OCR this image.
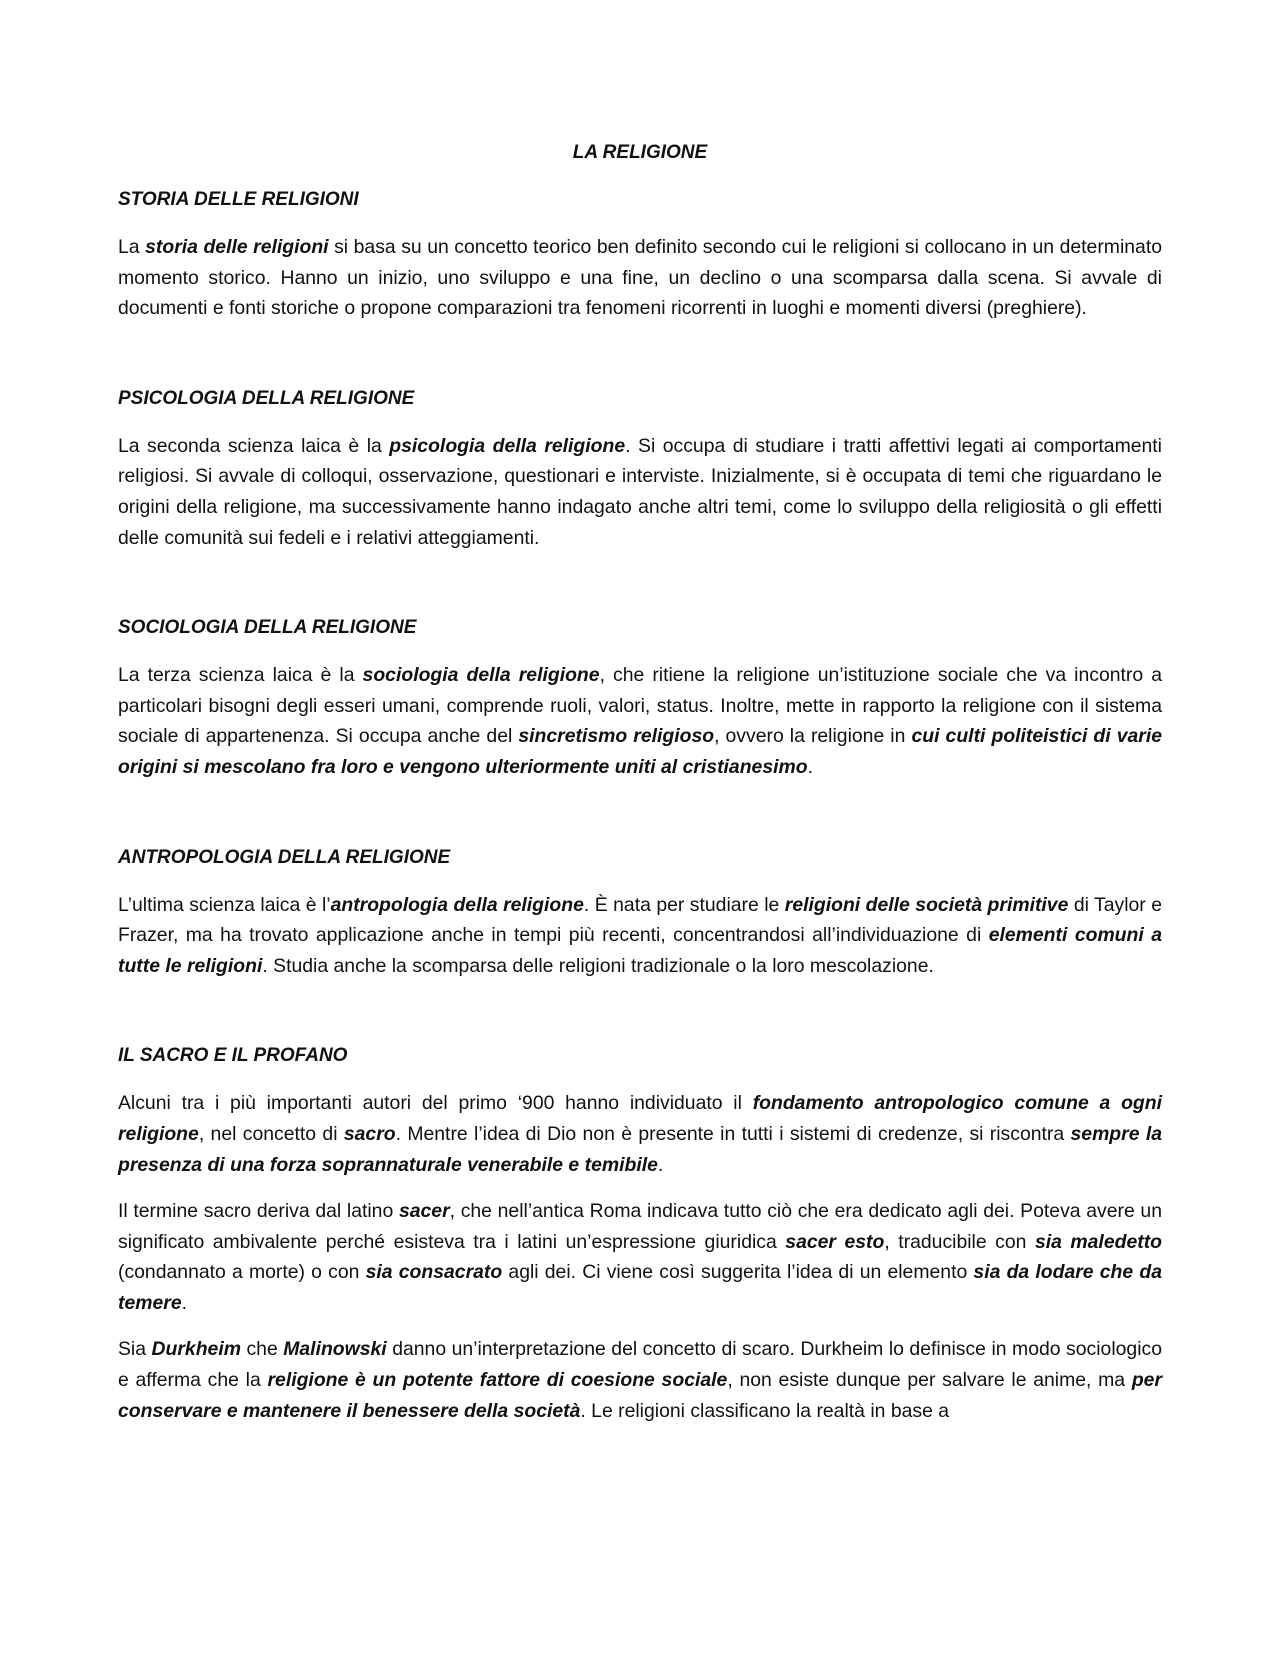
LA RELIGIONE
STORIA DELLE RELIGIONI

La storia delle religioni si basa su un concetto teorico ben definito secondo cui le religioni si collocano in un determinato momento storico. Hanno un inizio, uno sviluppo e una fine, un declino o una scomparsa dalla scena. Si avvale di documenti e fonti storiche o propone comparazioni tra fenomeni ricorrenti in luoghi e momenti diversi (preghiere).

PSICOLOGIA DELLA RELIGIONE

La seconda scienza laica è la psicologia della religione. Si occupa di studiare i tratti affettivi legati ai comportamenti religiosi. Si avvale di colloqui, osservazione, questionari e interviste. Inizialmente, si è occupata di temi che riguardano le origini della religione, ma successivamente hanno indagato anche altri temi, come lo sviluppo della religiosità o gli effetti delle comunità sui fedeli e i relativi atteggiamenti.

SOCIOLOGIA DELLA RELIGIONE

La terza scienza laica è la sociologia della religione, che ritiene la religione un’istituzione sociale che va incontro a particolari bisogni degli esseri umani, comprende ruoli, valori, status. Inoltre, mette in rapporto la religione con il sistema sociale di appartenenza. Si occupa anche del sincretismo religioso, ovvero la religione in cui culti politeistici di varie origini si mescolano fra loro e vengono ulteriormente uniti al cristianesimo.

ANTROPOLOGIA DELLA RELIGIONE

L’ultima scienza laica è l’antropologia della religione. È nata per studiare le religioni delle società primitive di Taylor e Frazer, ma ha trovato applicazione anche in tempi più recenti, concentrandosi all’individuazione di elementi comuni a tutte le religioni. Studia anche la scomparsa delle religioni tradizionale o la loro mescolazione.

IL SACRO E IL PROFANO

Alcuni tra i più importanti autori del primo ‘900 hanno individuato il fondamento antropologico comune a ogni religione, nel concetto di sacro. Mentre l’idea di Dio non è presente in tutti i sistemi di credenze, si riscontra sempre la presenza di una forza soprannaturale venerabile e temibile.

Il termine sacro deriva dal latino sacer, che nell’antica Roma indicava tutto ciò che era dedicato agli dei. Poteva avere un significato ambivalente perché esisteva tra i latini un’espressione giuridica sacer esto, traducibile con sia maledetto (condannato a morte) o con sia consacrato agli dei. Ci viene così suggerita l’idea di un elemento sia da lodare che da temere.

Sia Durkheim che Malinowski danno un’interpretazione del concetto di scaro. Durkheim lo definisce in modo sociologico e afferma che la religione è un potente fattore di coesione sociale, non esiste dunque per salvare le anime, ma per conservare e mantenere il benessere della società. Le religioni classificano la realtà in base a
